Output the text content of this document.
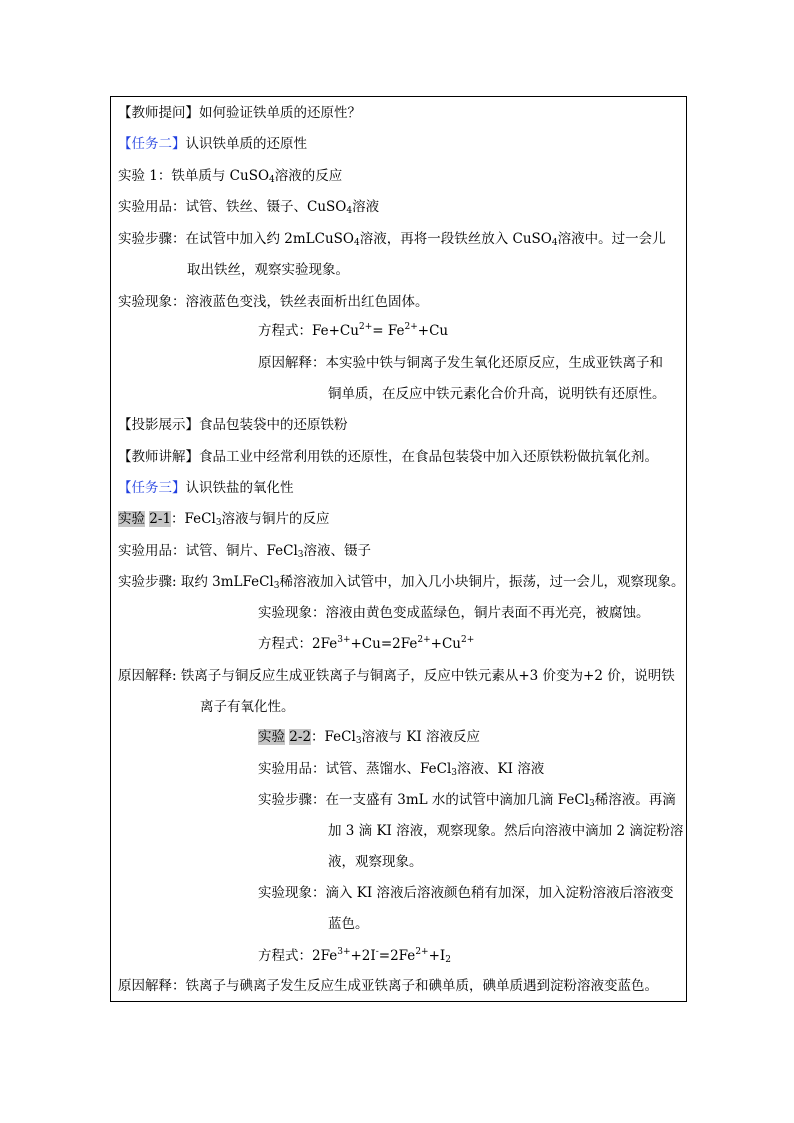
【教师提问】如何验证铁单质的还原性？
【任务二】认识铁单质的还原性
实验 1：铁单质与 CuSO$_4$溶液的反应
实验用品：试管、铁丝、镊子、CuSO$_4$溶液
实验步骤：在试管中加入约 2mLCuSO$_4$溶液，再将一段铁丝放入 CuSO$_4$溶液中。过一会儿
取出铁丝，观察实验现象。
实验现象：溶液蓝色变浅，铁丝表面析出红色固体。
方程式：$Fe+Cu^{2+}= Fe^{2+}+Cu$
原因解释：本实验中铁与铜离子发生氧化还原反应，生成亚铁离子和
铜单质，在反应中铁元素化合价升高，说明铁有还原性。
【投影展示】食品包装袋中的还原铁粉
【教师讲解】食品工业中经常利用铁的还原性，在食品包装袋中加入还原铁粉做抗氧化剂。
【任务三】认识铁盐的氧化性
实验 2-1：FeCl$_3$溶液与铜片的反应
实验用品：试管、铜片、FeCl$_3$溶液、镊子
实验步骤: 取约 3mLFeCl$_3$稀溶液加入试管中，加入几小块铜片，振荡，过一会儿，观察现象。
实验现象：溶液由黄色变成蓝绿色，铜片表面不再光亮，被腐蚀。
方程式：$2Fe^{3+}+Cu=2Fe^{2+}+Cu^{2+}$
原因解释: 铁离子与铜反应生成亚铁离子与铜离子，反应中铁元素从+3 价变为+2 价，说明铁
离子有氧化性。
实验 2-2：FeCl$_3$溶液与 KI 溶液反应
实验用品：试管、蒸馏水、FeCl$_3$溶液、KI 溶液
实验步骤：在一支盛有 3mL 水的试管中滴加几滴 FeCl$_3$稀溶液。再滴
加 3 滴 KI 溶液，观察现象。然后向溶液中滴加 2 滴淀粉溶
液，观察现象。
实验现象：滴入 KI 溶液后溶液颜色稍有加深，加入淀粉溶液后溶液变
蓝色。
方程式：$2Fe^{3+}+2I^-=2Fe^{2+}+I_2$
原因解释：铁离子与碘离子发生反应生成亚铁离子和碘单质，碘单质遇到淀粉溶液变蓝色。
